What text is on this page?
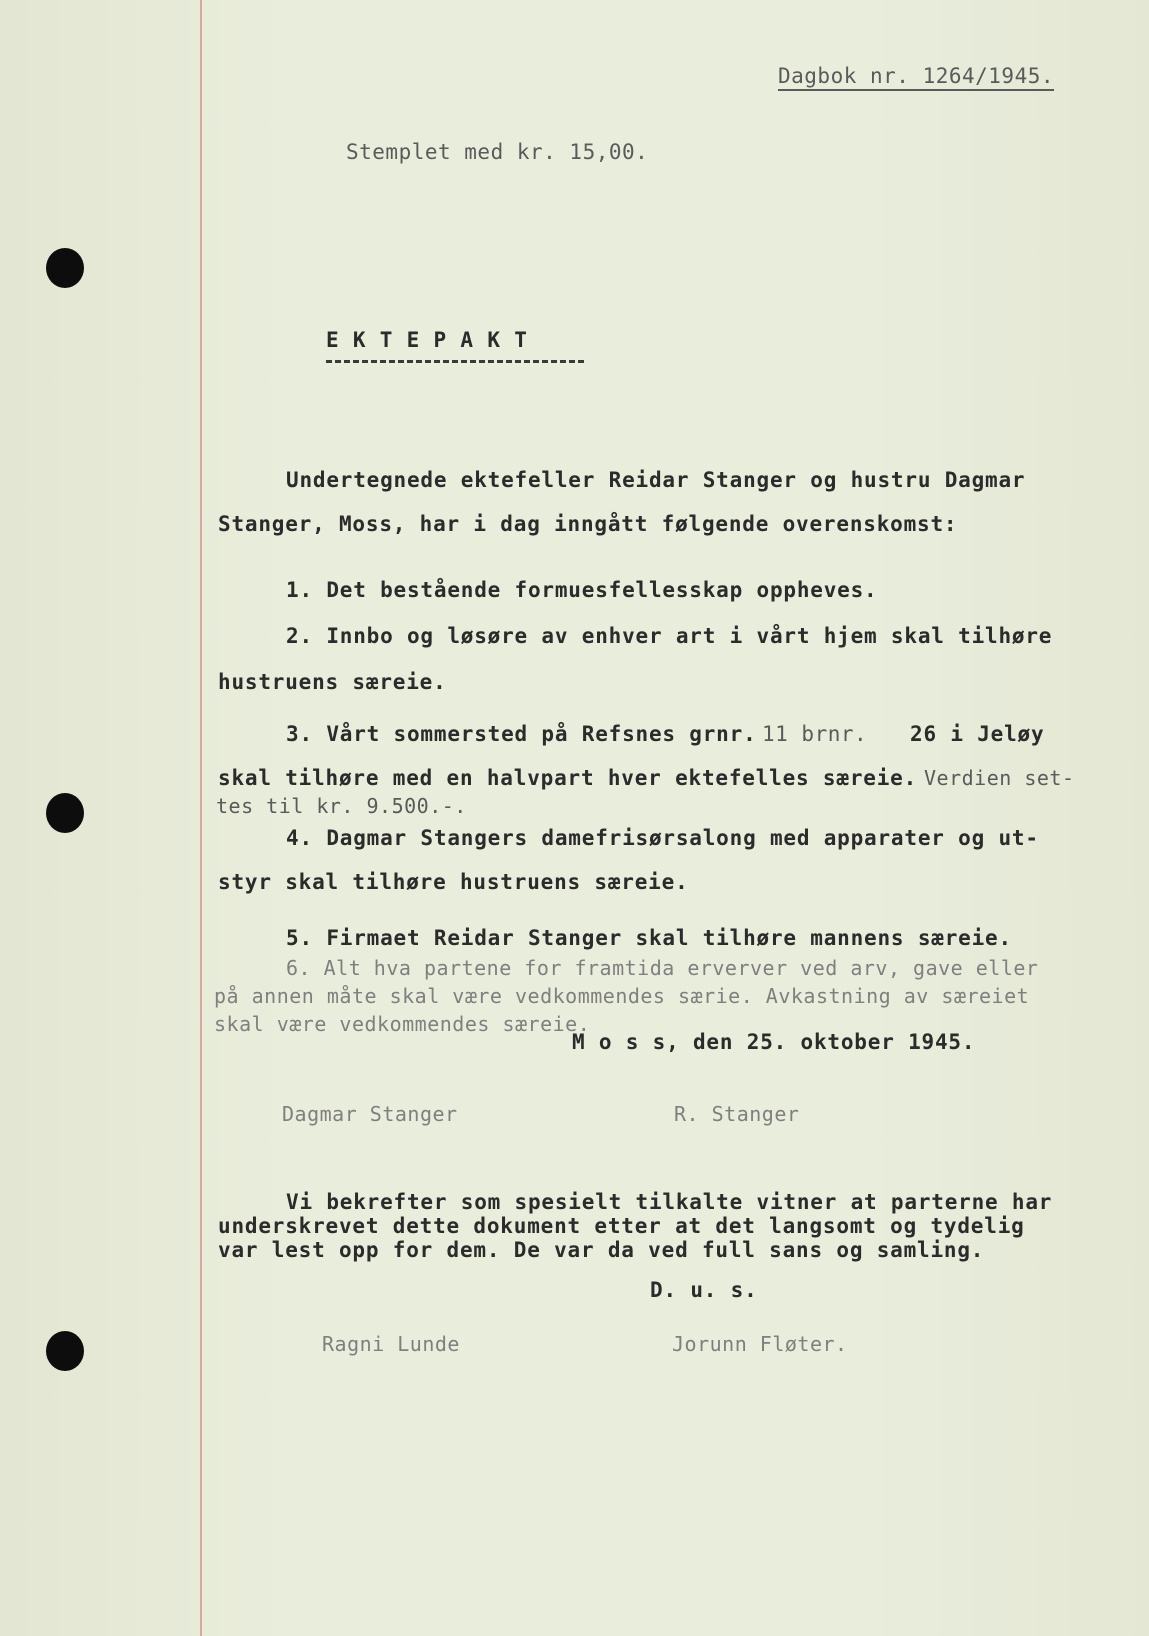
Dagbok nr. 1264/1945.
Stemplet med kr. 15,00.
E K T E P A K T
Undertegnede ektefeller Reidar Stanger og hustru Dagmar
Stanger, Moss, har i dag inngått følgende overenskomst:
1. Det bestående formuesfellesskap oppheves.
2. Innbo og løsøre av enhver art i vårt hjem skal tilhøre
hustruens særeie.
3. Vårt sommersted på Refsnes grnr. 11 brnr. 26 i Jeløy
skal tilhøre med en halvpart hver ektefelles særeie. Verdien set-
tes til kr. 9.500.-.
4. Dagmar Stangers damefrisørsalong med apparater og ut-
styr skal tilhøre hustruens særeie.
5. Firmaet Reidar Stanger skal tilhøre mannens særeie.
6. Alt hva partene for framtida erverver ved arv, gave eller
på annen måte skal være vedkommendes særie. Avkastning av særeiet
skal være vedkommendes særeie.
M o s s, den 25. oktober 1945.
Dagmar Stanger	R. Stanger
Vi bekrefter som spesielt tilkalte vitner at parterne har
underskrevet dette dokument etter at det langsomt og tydelig
var lest opp for dem. De var da ved full sans og samling.
D. u. s.
Ragni Lunde	Jorunn Fløter.
